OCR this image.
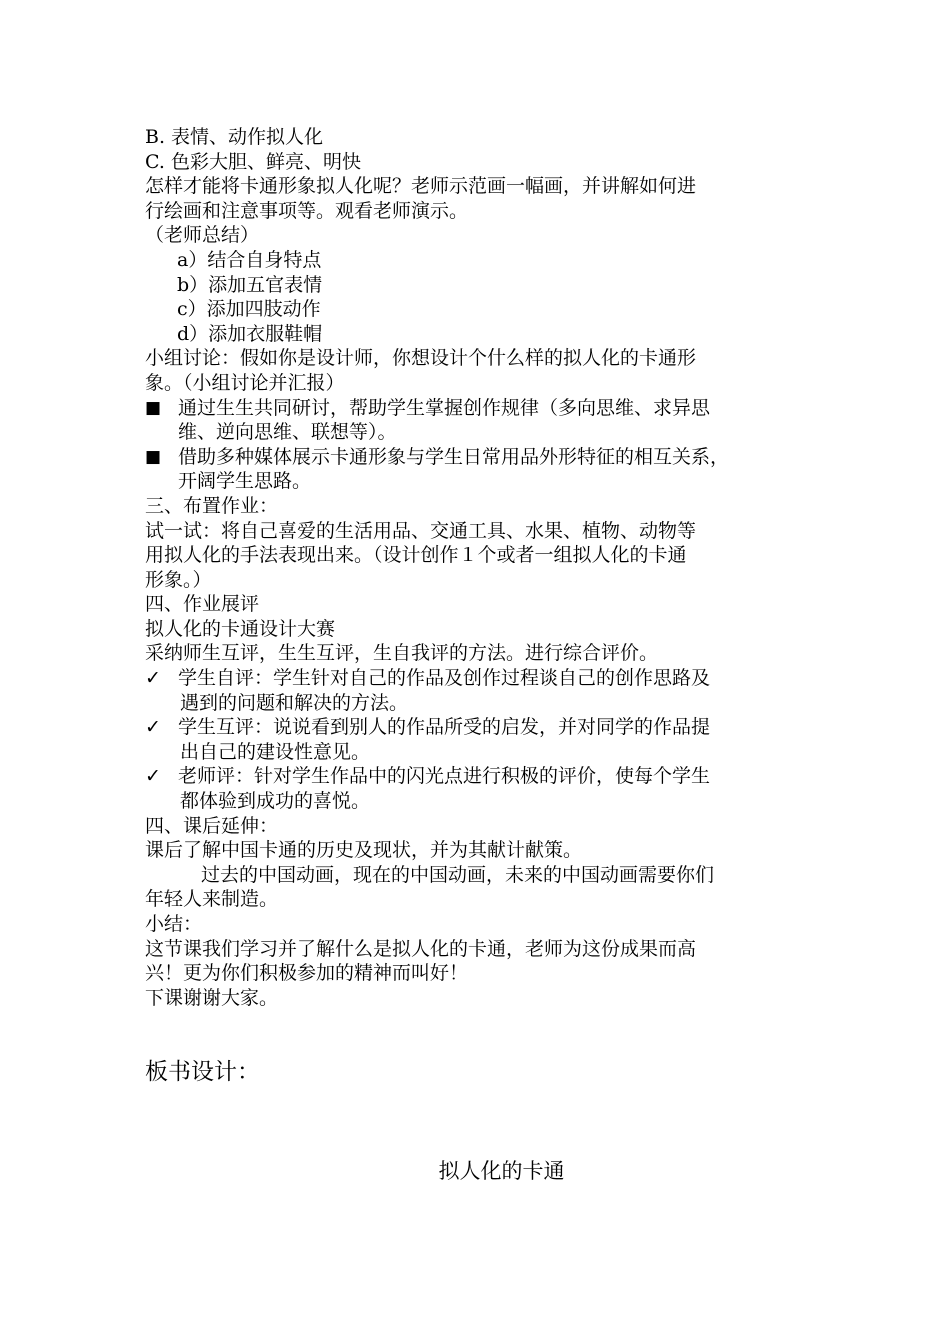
B. 表情、动作拟人化
C. 色彩大胆、鲜亮、明快
怎样才能将卡通形象拟人化呢？老师示范画一幅画，并讲解如何进
行绘画和注意事项等。观看老师演示。
（老师总结）
a）结合自身特点
b）添加五官表情
c）添加四肢动作
d）添加衣服鞋帽
小组讨论：假如你是设计师，你想设计个什么样的拟人化的卡通形
象。（小组讨论并汇报）
■ 通过生生共同研讨，帮助学生掌握创作规律（多向思维、求异思
维、逆向思维、联想等）。
■ 借助多种媒体展示卡通形象与学生日常用品外形特征的相互关系，
开阔学生思路。
三、布置作业：
试一试：将自己喜爱的生活用品、交通工具、水果、植物、动物等
用拟人化的手法表现出来。（设计创作１个或者一组拟人化的卡通
形象。）
四、作业展评
拟人化的卡通设计大赛
采纳师生互评，生生互评，生自我评的方法。进行综合评价。
✓ 学生自评：学生针对自己的作品及创作过程谈自己的创作思路及
遇到的问题和解决的方法。
✓ 学生互评：说说看到别人的作品所受的启发，并对同学的作品提
出自己的建设性意见。
✓ 老师评：针对学生作品中的闪光点进行积极的评价，使每个学生
都体验到成功的喜悦。
四、课后延伸：
课后了解中国卡通的历史及现状，并为其献计献策。
过去的中国动画，现在的中国动画，未来的中国动画需要你们
年轻人来制造。
小结：
这节课我们学习并了解什么是拟人化的卡通，老师为这份成果而高
兴！更为你们积极参加的精神而叫好！
下课谢谢大家。
板书设计：
拟人化的卡通
